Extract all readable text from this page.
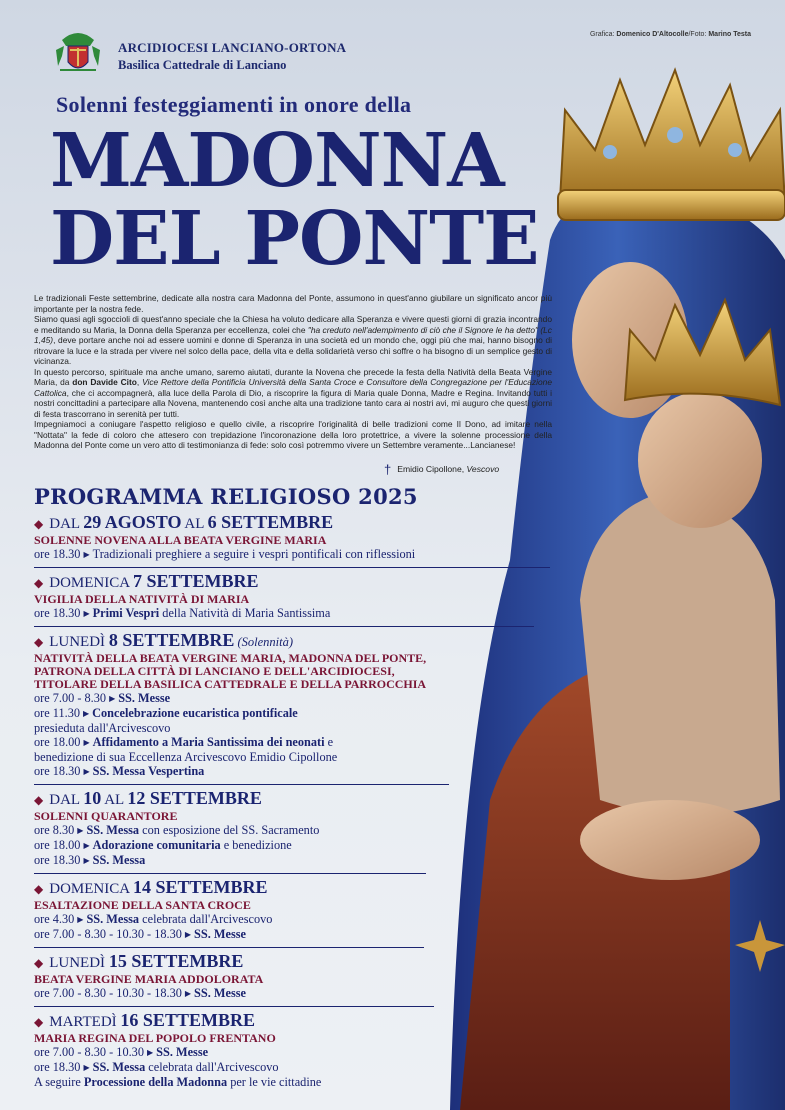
Grafica: Domenico D'Altocolle/Foto: Marino Testa
ARCIDIOCESI LANCIANO-ORTONA
Basilica Cattedrale di Lanciano
Solenni festeggiamenti in onore della
MADONNA
DEL PONTE

Le tradizionali Feste settembrine, dedicate alla nostra cara Madonna del Ponte, assumono in quest'anno giubilare un significato ancor più importante per la nostra fede.

Siamo quasi agli sgoccioli di quest'anno speciale che la Chiesa ha voluto dedicare alla Speranza e vivere questi giorni di grazia incontrando e meditando su Maria, la Donna della Speranza per eccellenza, colei che "ha creduto nell'adempimento di ciò che il Signore le ha detto" (Lc 1,45), deve portare anche noi ad essere uomini e donne di Speranza in una società ed un mondo che, oggi più che mai, hanno bisogno di ritrovare la luce e la strada per vivere nel solco della pace, della vita e della solidarietà verso chi soffre o ha bisogno di un semplice gesto di vicinanza.

In questo percorso, spirituale ma anche umano, saremo aiutati, durante la Novena che precede la festa della Natività della Beata Vergine Maria, da don Davide Cito, Vice Rettore della Pontificia Università della Santa Croce e Consultore della Congregazione per l'Educazione Cattolica, che ci accompagnerà, alla luce della Parola di Dio, a riscoprire la figura di Maria quale Donna, Madre e Regina. Invitando tutti i nostri concittadini a partecipare alla Novena, mantenendo così anche alta una tradizione tanto cara ai nostri avi, mi auguro che questi giorni di festa trascorrano in serenità per tutti.

Impegniamoci a coniugare l'aspetto religioso e quello civile, a riscoprire l'originalità di belle tradizioni come Il Dono, ad imitare nella "Nottata" la fede di coloro che attesero con trepidazione l'incoronazione della loro protettrice, a vivere la solenne processione della Madonna del Ponte come un vero atto di testimonianza di fede: solo così potremmo vivere un Settembre veramente...Lancianese!

† Emidio Cipollone, Vescovo
PROGRAMMA RELIGIOSO 2025
◆ DAL 29 AGOSTO AL 6 SETTEMBRE
SOLENNE NOVENA ALLA BEATA VERGINE MARIA
ore 18.30 ▶ Tradizionali preghiere a seguire i vespri pontificali con riflessioni
◆ DOMENICA 7 SETTEMBRE
VIGILIA DELLA NATIVITÀ DI MARIA
ore 18.30 ▶ Primi Vespri della Natività di Maria Santissima
◆ LUNEDÌ 8 SETTEMBRE (Solennità)
NATIVITÀ DELLA BEATA VERGINE MARIA, MADONNA DEL PONTE,
PATRONA DELLA CITTÀ DI LANCIANO E DELL'ARCIDIOCESI,
TITOLARE DELLA BASILICA CATTEDRALE E DELLA PARROCCHIA
ore 7.00 - 8.30 ▶ SS. Messe
ore 11.30 ▶ Concelebrazione eucaristica pontificale
presieduta dall'Arcivescovo
ore 18.00 ▶ Affidamento a Maria Santissima dei neonati e
benedizione di sua Eccellenza Arcivescovo Emidio Cipollone
ore 18.30 ▶ SS. Messa Vespertina
◆ DAL 10 AL 12 SETTEMBRE
SOLENNI QUARANTORE
ore 8.30 ▶ SS. Messa con esposizione del SS. Sacramento
ore 18.00 ▶ Adorazione comunitaria e benedizione
ore 18.30 ▶ SS. Messa
◆ DOMENICA 14 SETTEMBRE
ESALTAZIONE DELLA SANTA CROCE
ore 4.30 ▶ SS. Messa celebrata dall'Arcivescovo
ore 7.00 - 8.30 - 10.30 - 18.30 ▶ SS. Messe
◆ LUNEDÌ 15 SETTEMBRE
BEATA VERGINE MARIA ADDOLORATA
ore 7.00 - 8.30 - 10.30 - 18.30 ▶ SS. Messe
◆ MARTEDÌ 16 SETTEMBRE
MARIA REGINA DEL POPOLO FRENTANO
ore 7.00 - 8.30 - 10.30 ▶ SS. Messe
ore 18.30 ▶ SS. Messa celebrata dall'Arcivescovo
A seguire Processione della Madonna per le vie cittadine
